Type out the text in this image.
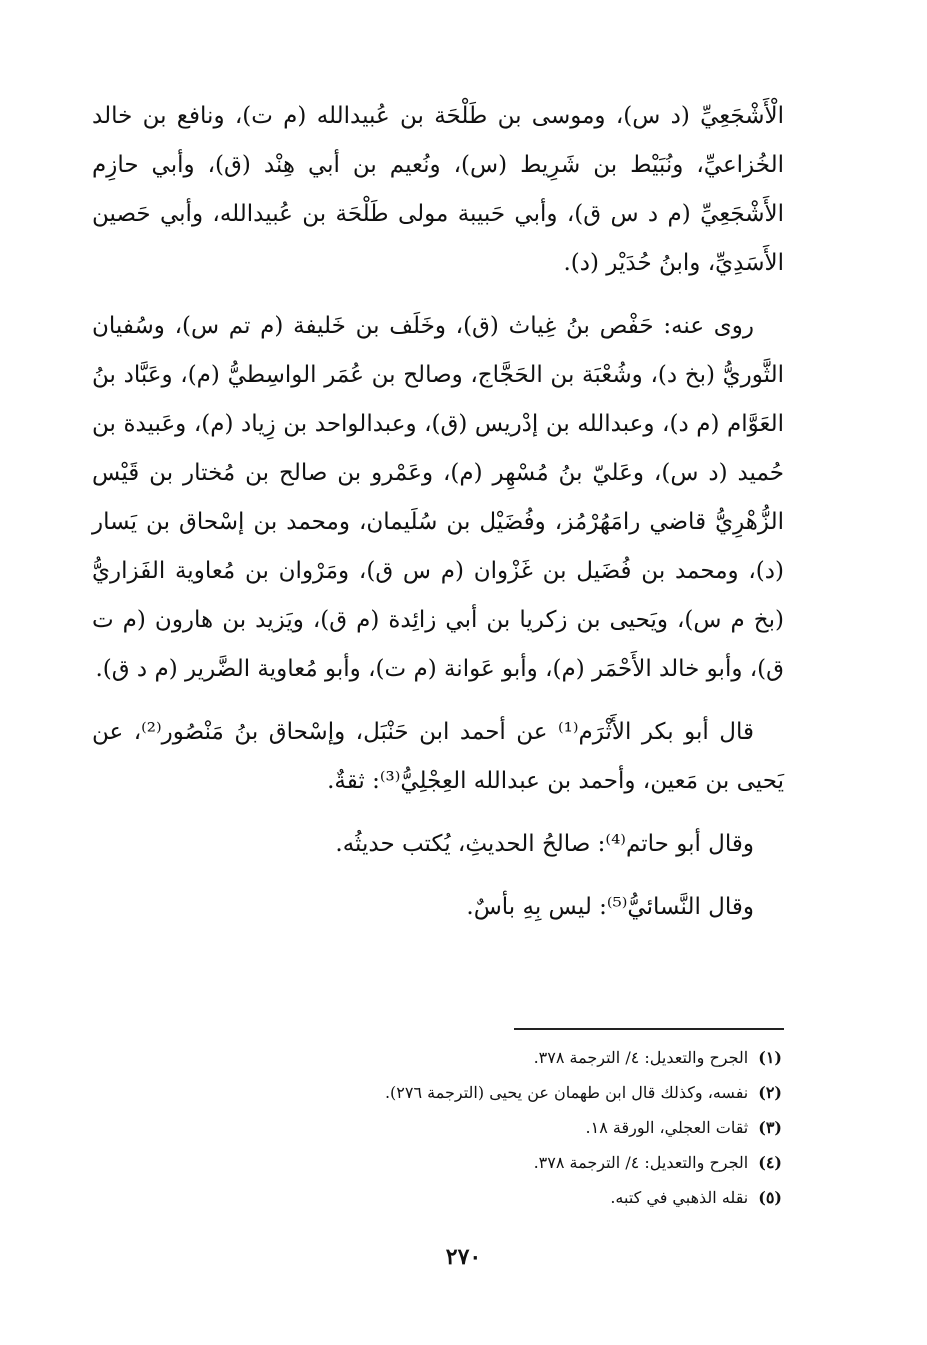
الْأَشْجَعِيِّ (د س)، وموسى بن طَلْحَة بن عُبيدالله (م ت)، ونافع بن خالد الخُزاعيِّ، ونُبَيْط بن شَرِيط (س)، ونُعيم بن أبي هِنْد (ق)، وأبي حازِم الأَشْجَعِيِّ (م د س ق)، وأبي حَبيبة مولى طَلْحَة بن عُبيدالله، وأبي حَصين الأَسَدِيِّ، وابنُ حُدَيْر (د).

روى عنه: حَفْص بنُ غِياث (ق)، وخَلَف بن خَليفة (م تم س)، وسُفيان الثَّوريُّ (بخ د)، وشُعْبَة بن الحَجَّاج، وصالح بن عُمَر الواسِطيُّ (م)، وعَبَّاد بنُ العَوَّام (م د)، وعبدالله بن إدْريس (ق)، وعبدالواحد بن زِياد (م)، وعَبيدة بن حُميد (د س)، وعَليّ بنُ مُسْهِر (م)، وعَمْرو بن صالح بن مُختار بن قَيْس الزُّهْرِيُّ قاضي رامَهُرْمُز، وفُضَيْل بن سُلَيمان، ومحمد بن إسْحاق بن يَسار (د)، ومحمد بن فُضَيل بن غَزْوان (م س ق)، ومَرْوان بن مُعاوية الفَزاريُّ (بخ م س)، ويَحيى بن زكريا بن أبي زائِدة (م ق)، ويَزيد بن هارون (م ت ق)، وأبو خالد الأَحْمَر (م)، وأبو عَوانة (م ت)، وأبو مُعاوية الضَّرير (م د ق).

قال أبو بكر الأَثْرَم⁽¹⁾ عن أحمد ابن حَنْبَل، وإسْحاق بنُ مَنْصُور⁽²⁾، عن يَحيى بن مَعين، وأحمد بن عبدالله العِجْلِيُّ⁽³⁾: ثقةٌ.

وقال أبو حاتم⁽⁴⁾: صالحُ الحديثِ، يُكتب حديثُه.

وقال النَّسائيُّ⁽⁵⁾: ليس بِهِ بأسٌ.

(١)
الجرح والتعديل: ٤/ الترجمة ٣٧٨.
(٢)
نفسه، وكذلك قال ابن طهمان عن يحيى (الترجمة ٢٧٦).
(٣)
ثقات العجلي، الورقة ١٨.
(٤)
الجرح والتعديل: ٤/ الترجمة ٣٧٨.
(٥)
نقله الذهبي في كتبه.
٢٧٠
